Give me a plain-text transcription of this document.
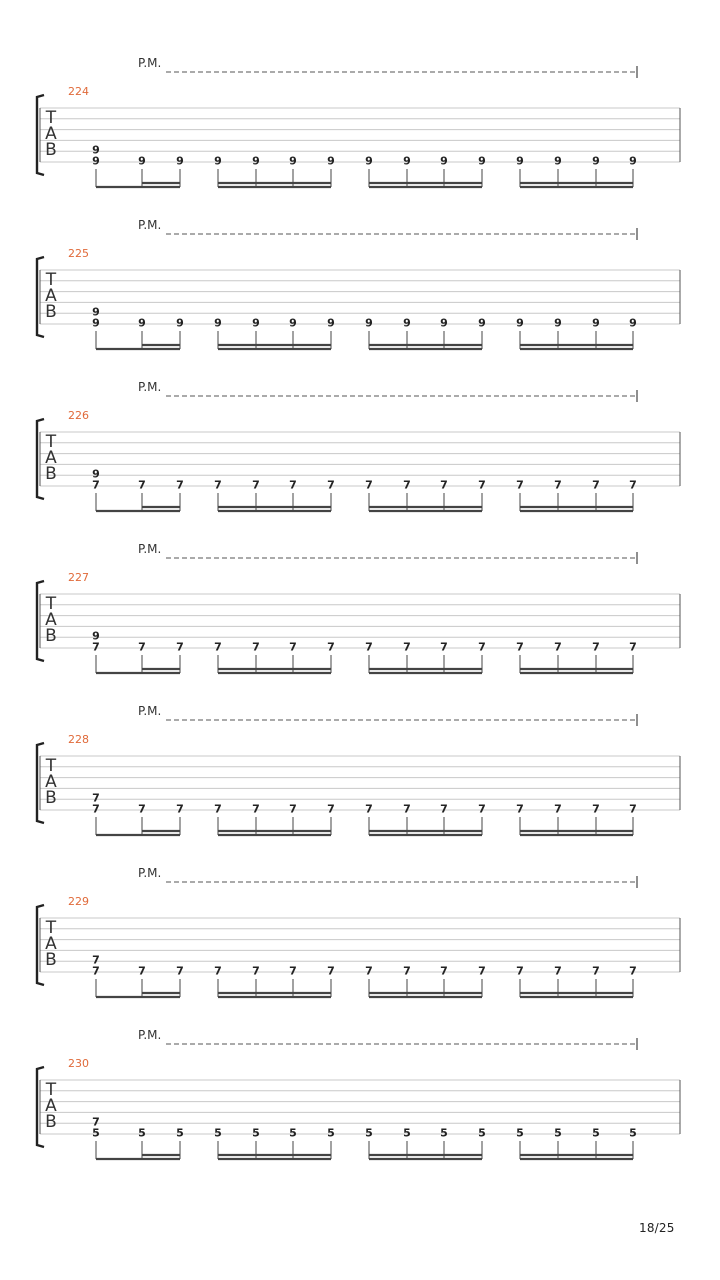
P.M.
224
T
A
B	9
9	9	9	9	9	9	9	9	9	9	9	9	9	9	9
P.M.
225
T
A
B	9
9	9	9	9	9	9	9	9	9	9	9	9	9	9	9
P.M.
226
T
A
B	9
7	7	7	7	7	7	7	7	7	7	7	7	7	7	7
P.M.
227
T
A
B	9
7	7	7	7	7	7	7	7	7	7	7	7	7	7	7
P.M.
228
T
A
B	7
7	7	7	7	7	7	7	7	7	7	7	7	7	7	7
P.M.
229
T
A
B	7
7	7	7	7	7	7	7	7	7	7	7	7	7	7	7
P.M.
230
T
A
B	7
5	5	5	5	5	5	5	5	5	5	5	5	5	5	5
18/25
